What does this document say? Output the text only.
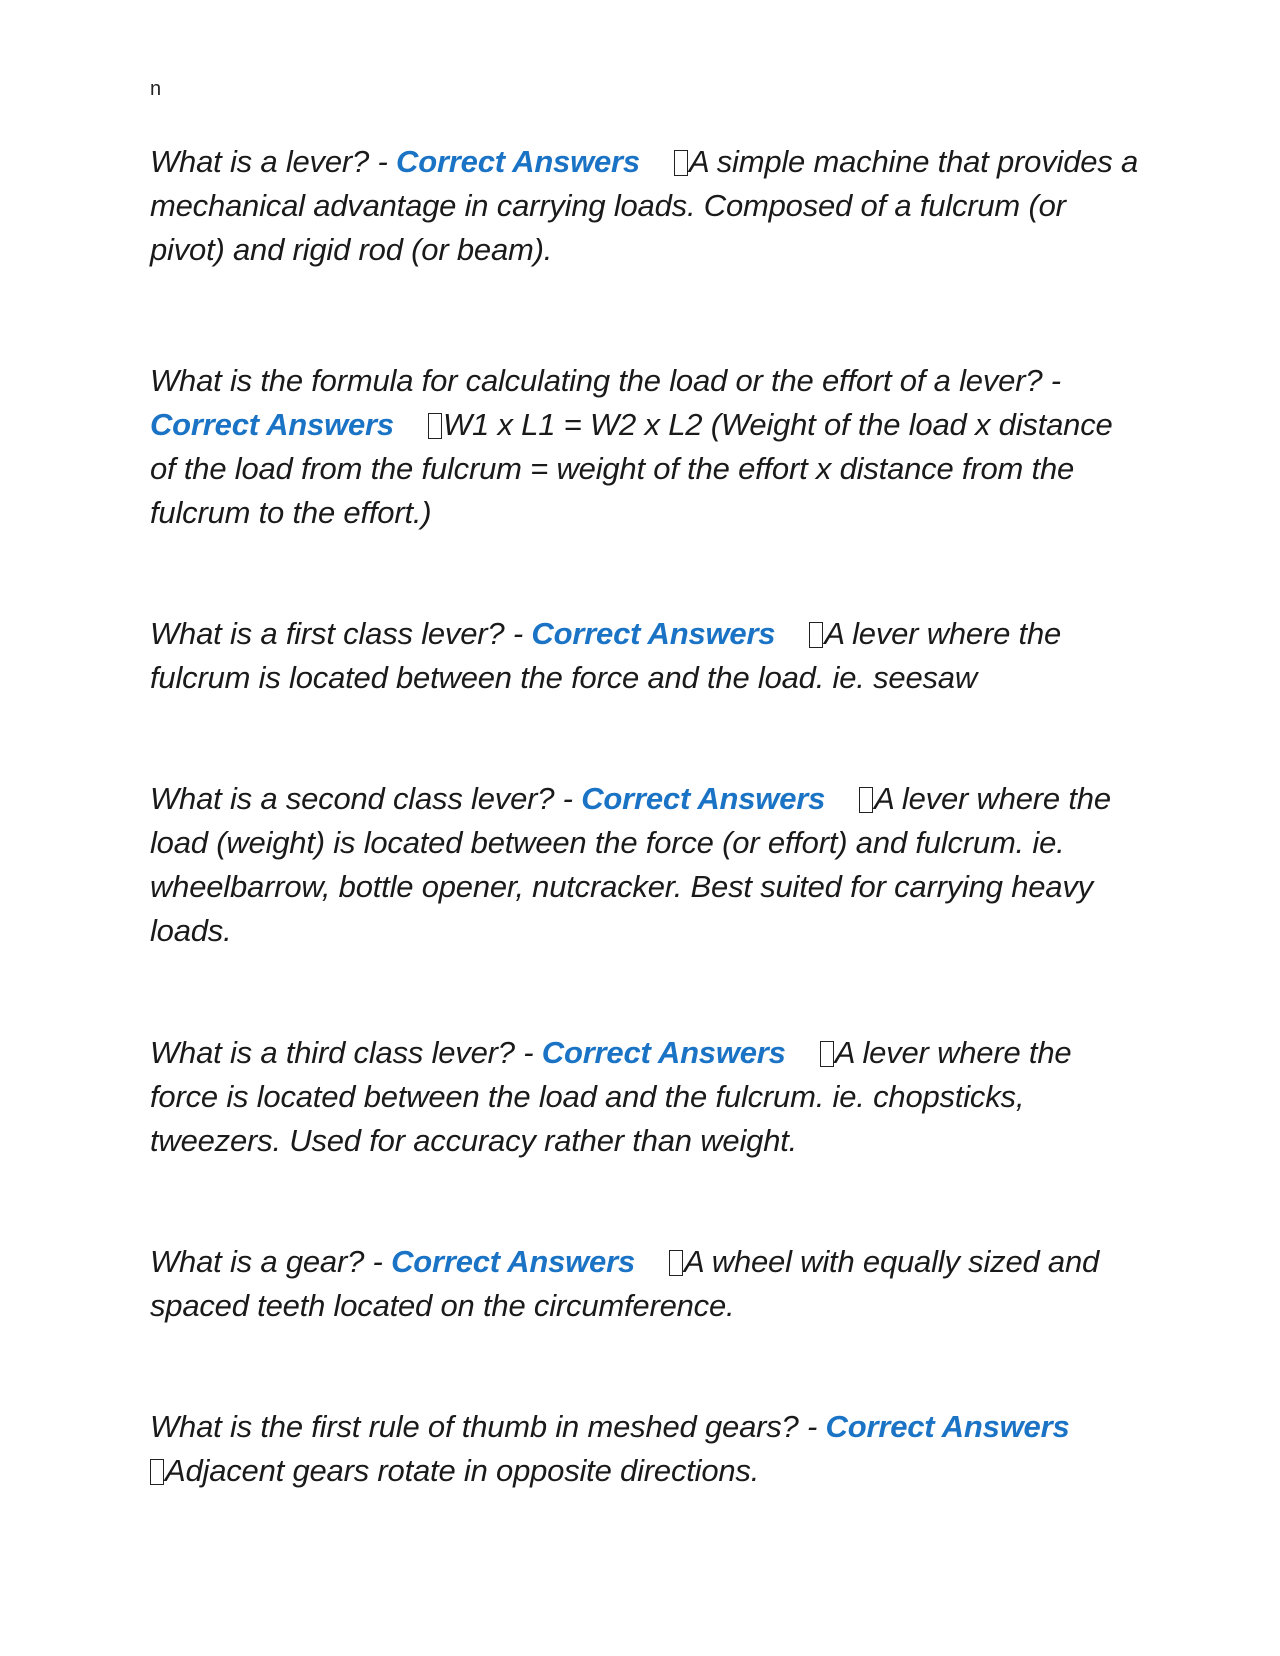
n

What is a lever? - Correct Answers A simple machine that provides a mechanical advantage in carrying loads. Composed of a fulcrum (or pivot) and rigid rod (or beam).

What is the formula for calculating the load or the effort of a lever? - Correct Answers W1 x L1 = W2 x L2 (Weight of the load x distance of the load from the fulcrum = weight of the effort x distance from the fulcrum to the effort.)

What is a first class lever? - Correct Answers A lever where the fulcrum is located between the force and the load. ie. seesaw

What is a second class lever? - Correct Answers A lever where the load (weight) is located between the force (or effort) and fulcrum. ie. wheelbarrow, bottle opener, nutcracker. Best suited for carrying heavy loads.

What is a third class lever? - Correct Answers A lever where the force is located between the load and the fulcrum. ie. chopsticks, tweezers. Used for accuracy rather than weight.

What is a gear? - Correct Answers A wheel with equally sized and spaced teeth located on the circumference.

What is the first rule of thumb in meshed gears? - Correct Answers
Adjacent gears rotate in opposite directions.
